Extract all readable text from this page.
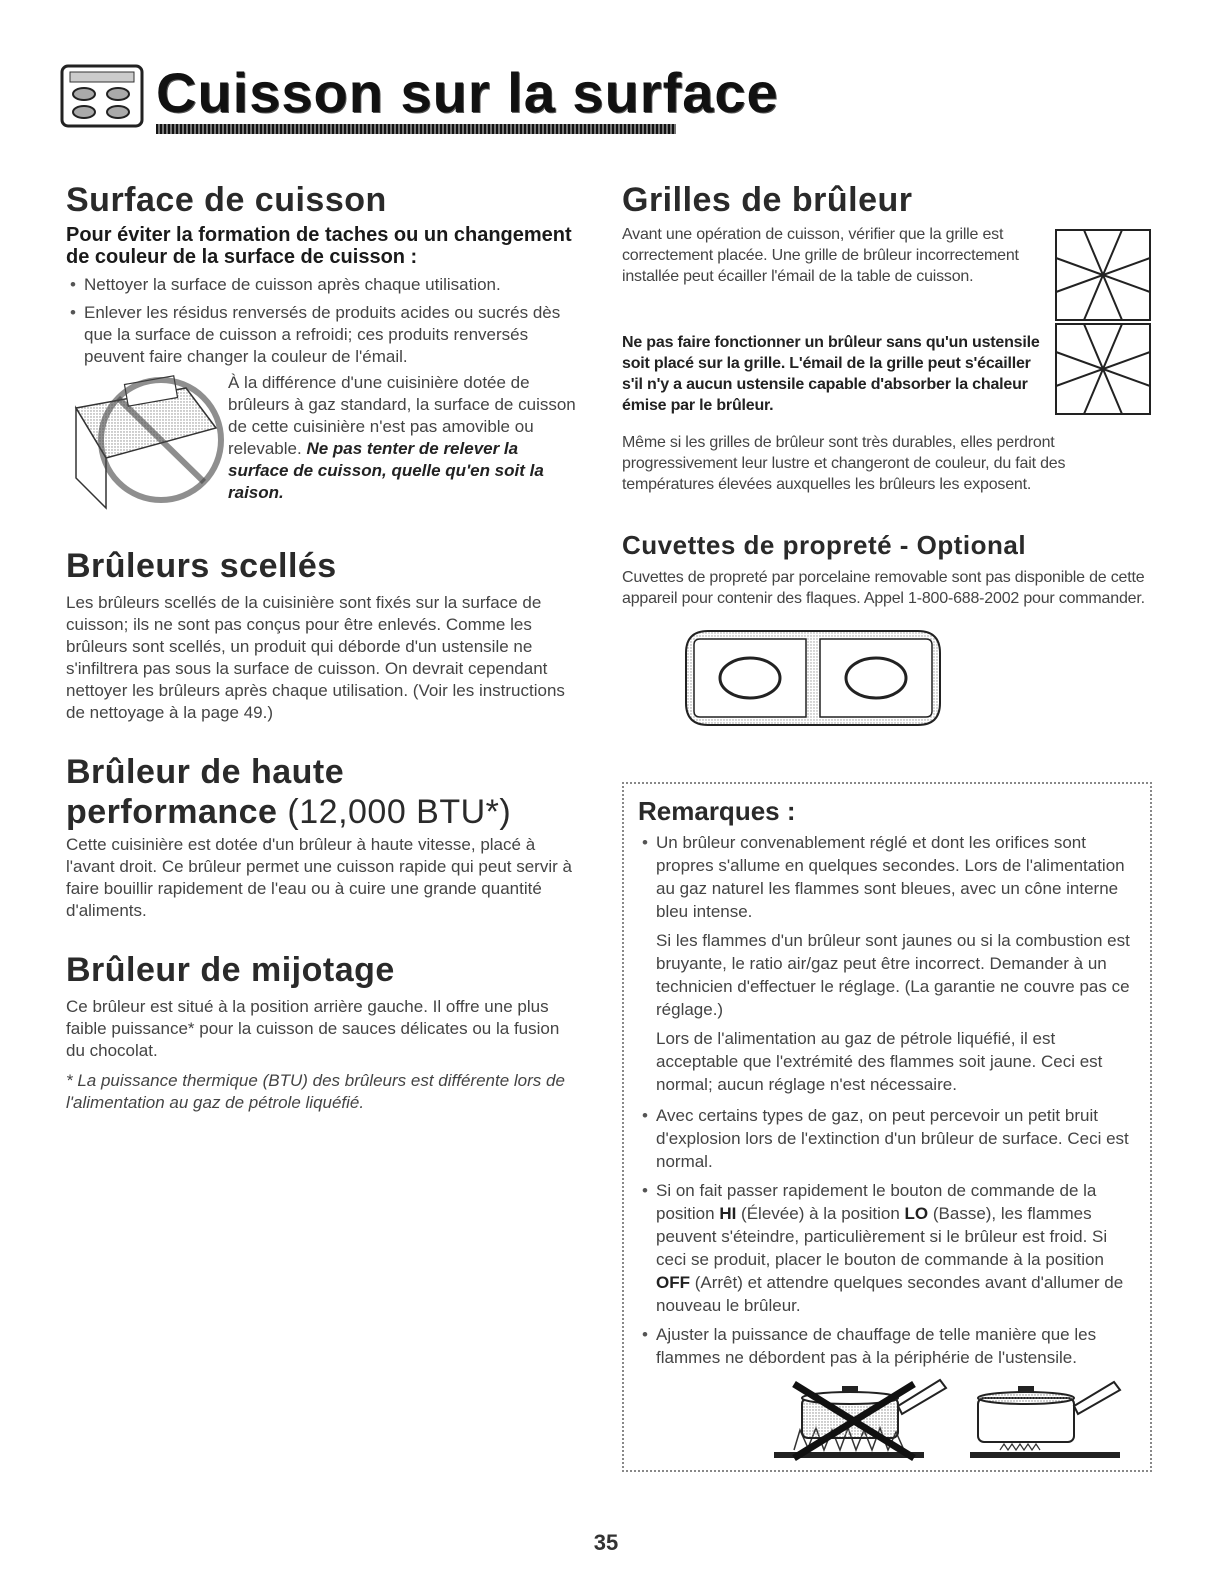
Cuisson sur la surface
Surface de cuisson
Pour éviter la formation de taches ou un changement de couleur de la surface de cuisson :
• Nettoyer la surface de cuisson après chaque utilisation.
• Enlever les résidus renversés de produits acides ou sucrés dès que la surface de cuisson a refroidi; ces produits renversés peuvent faire changer la couleur de l'émail.

À la différence d'une cuisinière dotée de brûleurs à gaz standard, la surface de cuisson de cette cuisinière n'est pas amovible ou relevable. Ne pas tenter de relever la surface de cuisson, quelle qu'en soit la raison.

Brûleurs scellés

Les brûleurs scellés de la cuisinière sont fixés sur la surface de cuisson; ils ne sont pas conçus pour être enlevés. Comme les brûleurs sont scellés, un produit qui déborde d'un ustensile ne s'infiltrera pas sous la surface de cuisson. On devrait cependant nettoyer les brûleurs après chaque utilisation. (Voir les instructions de nettoyage à la page 49.)

Brûleur de haute
performance (12,000 BTU*)

Cette cuisinière est dotée d'un brûleur à haute vitesse, placé à l'avant droit. Ce brûleur permet une cuisson rapide qui peut servir à faire bouillir rapidement de l'eau ou à cuire une grande quantité d'aliments.

Brûleur de mijotage

Ce brûleur est situé à la position arrière gauche. Il offre une plus faible puissance* pour la cuisson de sauces délicates ou la fusion du chocolat.

* La puissance thermique (BTU) des brûleurs est différente lors de l'alimentation au gaz de pétrole liquéfié.

Grilles de brûleur

Avant une opération de cuisson, vérifier que la grille est correctement placée. Une grille de brûleur incorrectement installée peut écailler l'émail de la table de cuisson.

Ne pas faire fonctionner un brûleur sans qu'un ustensile soit placé sur la grille. L'émail de la grille peut s'écailler s'il n'y a aucun ustensile capable d'absorber la chaleur émise par le brûleur.

Même si les grilles de brûleur sont très durables, elles perdront progressivement leur lustre et changeront de couleur, du fait des températures élevées auxquelles les brûleurs les exposent.

Cuvettes de propreté - Optional

Cuvettes de propreté par porcelaine removable sont pas disponible de cette appareil pour contenir des flaques. Appel 1-800-688-2002 pour commander.

Remarques :
• Un brûleur convenablement réglé et dont les orifices sont propres s'allume en quelques secondes. Lors de l'alimentation au gaz naturel les flammes sont bleues, avec un cône interne bleu intense.
Si les flammes d'un brûleur sont jaunes ou si la combustion est bruyante, le ratio air/gaz peut être incorrect. Demander à un technicien d'effectuer le réglage. (La garantie ne couvre pas ce réglage.)
Lors de l'alimentation au gaz de pétrole liquéfié, il est acceptable que l'extrémité des flammes soit jaune. Ceci est normal; aucun réglage n'est nécessaire.
• Avec certains types de gaz, on peut percevoir un petit bruit d'explosion lors de l'extinction d'un brûleur de surface. Ceci est normal.
• Si on fait passer rapidement le bouton de commande de la position HI (Élevée) à la position LO (Basse), les flammes peuvent s'éteindre, particulièrement si le brûleur est froid. Si ceci se produit, placer le bouton de commande à la position OFF (Arrêt) et attendre quelques secondes avant d'allumer de nouveau le brûleur.
• Ajuster la puissance de chauffage de telle manière que les flammes ne débordent pas à la périphérie de l'ustensile.
35
